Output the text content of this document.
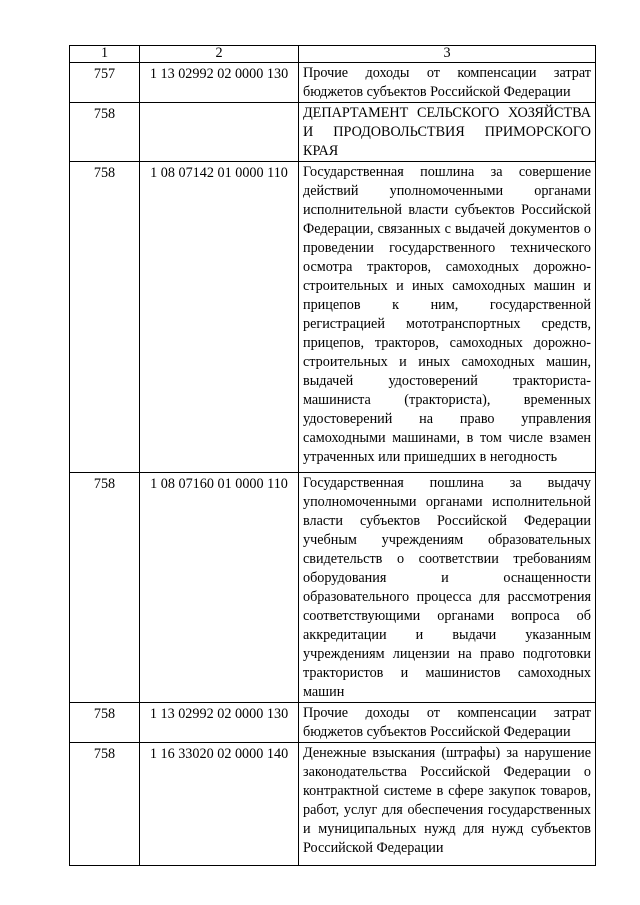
1	2	3
757	1 13 02992 02 0000 130	Прочие доходы от компенсации затрат бюджетов субъектов Российской Федерации
758		ДЕПАРТАМЕНТ СЕЛЬСКОГО ХОЗЯЙСТВА И ПРОДОВОЛЬСТВИЯ ПРИМОРСКОГО КРАЯ
758	1 08 07142 01 0000 110	Государственная пошлина за совершение действий уполномоченными органами исполнительной власти субъектов Российской Федерации, связанных с выдачей документов о проведении государственного технического осмотра тракторов, самоходных дорожно-строительных и иных самоходных машин и прицепов к ним, государственной регистрацией мототранспортных средств, прицепов, тракторов, самоходных дорожно-строительных и иных самоходных машин, выдачей удостоверений тракториста-машиниста (тракториста), временных удостоверений на право управления самоходными машинами, в том числе взамен утраченных или пришедших в негодность
758	1 08 07160 01 0000 110	Государственная пошлина за выдачу уполномоченными органами исполнительной власти субъектов Российской Федерации учебным учреждениям образовательных свидетельств о соответствии требованиям оборудования и оснащенности образовательного процесса для рассмотрения соответствующими органами вопроса об аккредитации и выдачи указанным учреждениям лицензии на право подготовки трактористов и машинистов самоходных машин
758	1 13 02992 02 0000 130	Прочие доходы от компенсации затрат бюджетов субъектов Российской Федерации
758	1 16 33020 02 0000 140	Денежные взыскания (штрафы) за нарушение законодательства Российской Федерации о контрактной системе в сфере закупок товаров, работ, услуг для обеспечения государственных и муниципальных нужд для нужд субъектов Российской Федерации
